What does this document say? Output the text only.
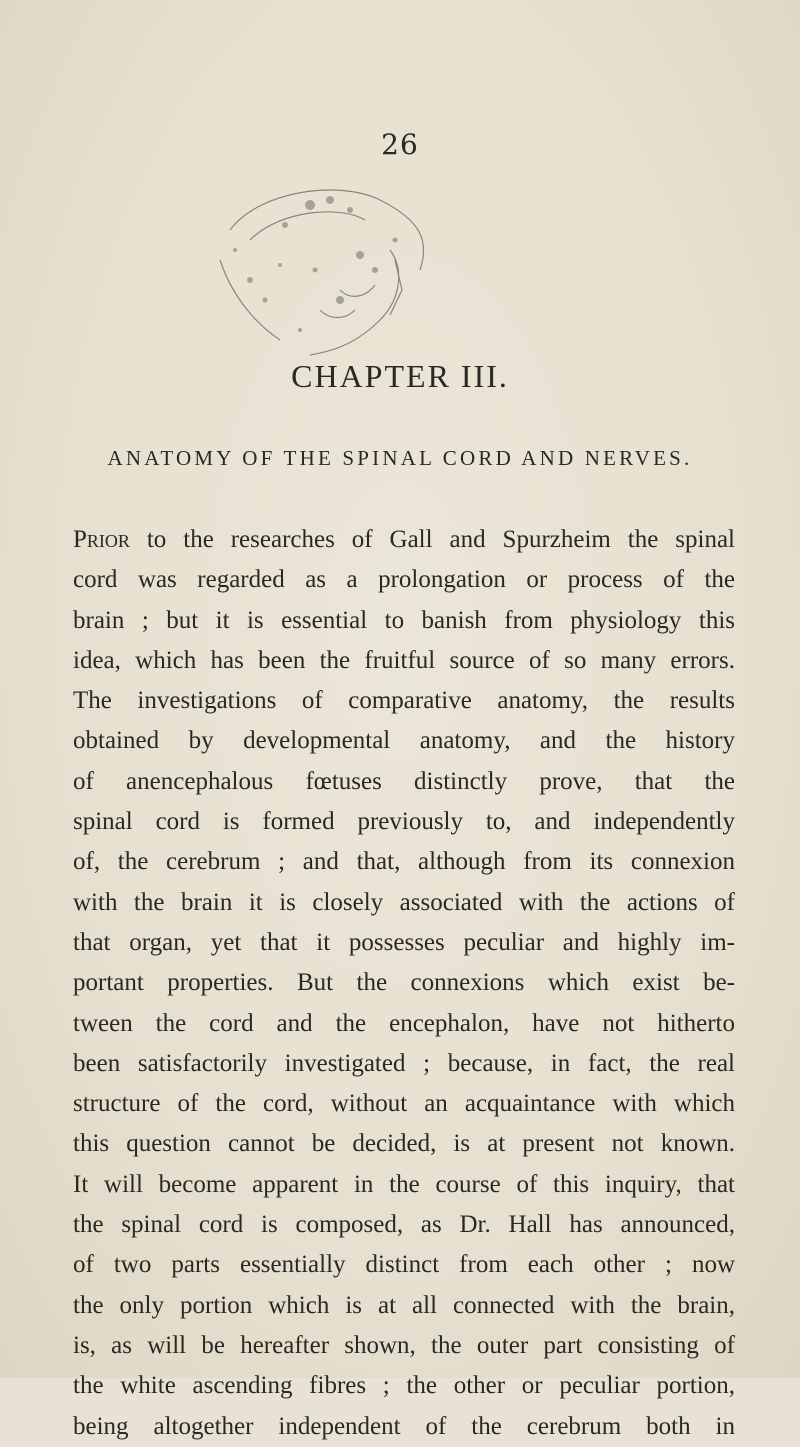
26
CHAPTER III.
ANATOMY OF THE SPINAL CORD AND NERVES.
Prior to the researches of Gall and Spurzheim the spinal
cord was regarded as a prolongation or process of the
brain ; but it is essential to banish from physiology this
idea, which has been the fruitful source of so many errors.
The investigations of comparative anatomy, the results
obtained by developmental anatomy, and the history
of anencephalous fœtuses distinctly prove, that the
spinal cord is formed previously to, and independently
of, the cerebrum ; and that, although from its connexion
with the brain it is closely associated with the actions of
that organ, yet that it possesses peculiar and highly im-
portant properties. But the connexions which exist be-
tween the cord and the encephalon, have not hitherto
been satisfactorily investigated ; because, in fact, the real
structure of the cord, without an acquaintance with which
this question cannot be decided, is at present not known.
It will become apparent in the course of this inquiry, that
the spinal cord is composed, as Dr. Hall has announced,
of two parts essentially distinct from each other ; now
the only portion which is at all connected with the brain,
is, as will be hereafter shown, the outer part consisting of
the white ascending fibres ; the other or peculiar portion,
being altogether independent of the cerebrum both in
